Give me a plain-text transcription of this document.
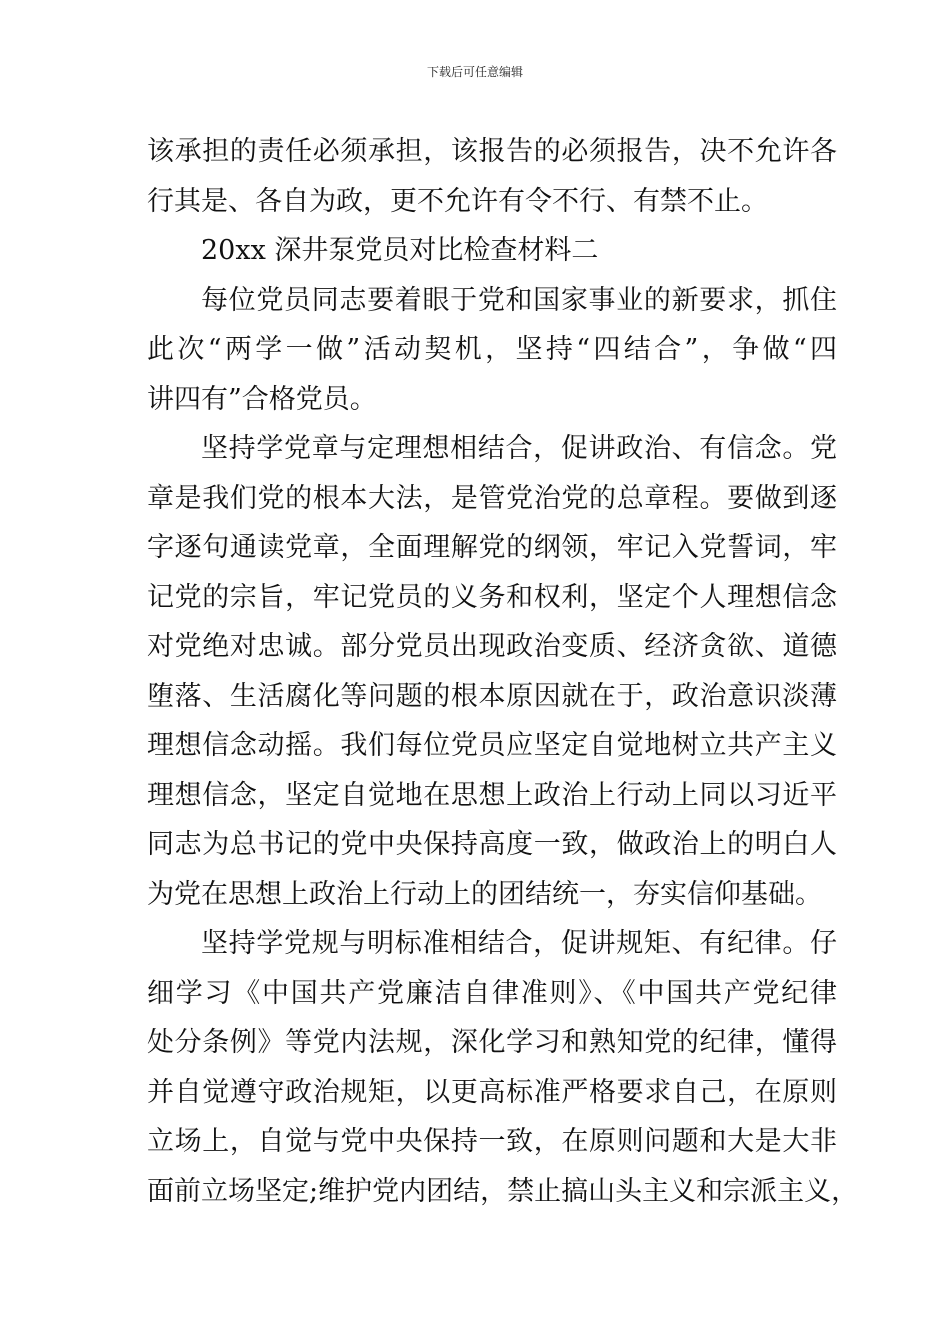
下载后可任意编辑
该承担的责任必须承担，该报告的必须报告，决不允许各
行其是、各自为政，更不允许有令不行、有禁不止。
20xx 深井泵党员对比检查材料二
每位党员同志要着眼于党和国家事业的新要求，抓住
此次“两学一做”活动契机，坚持“四结合”，争做“四
讲四有”合格党员。
坚持学党章与定理想相结合，促讲政治、有信念。党
章是我们党的根本大法，是管党治党的总章程。要做到逐
字逐句通读党章，全面理解党的纲领，牢记入党誓词，牢
记党的宗旨，牢记党员的义务和权利，坚定个人理想信念
对党绝对忠诚。部分党员出现政治变质、经济贪欲、道德
堕落、生活腐化等问题的根本原因就在于，政治意识淡薄
理想信念动摇。我们每位党员应坚定自觉地树立共产主义
理想信念，坚定自觉地在思想上政治上行动上同以习近平
同志为总书记的党中央保持高度一致，做政治上的明白人
为党在思想上政治上行动上的团结统一，夯实信仰基础。
坚持学党规与明标准相结合，促讲规矩、有纪律。仔
细学习《中国共产党廉洁自律准则》、《中国共产党纪律
处分条例》等党内法规，深化学习和熟知党的纪律，懂得
并自觉遵守政治规矩，以更高标准严格要求自己，在原则
立场上，自觉与党中央保持一致，在原则问题和大是大非
面前立场坚定;维护党内团结，禁止搞山头主义和宗派主义，
